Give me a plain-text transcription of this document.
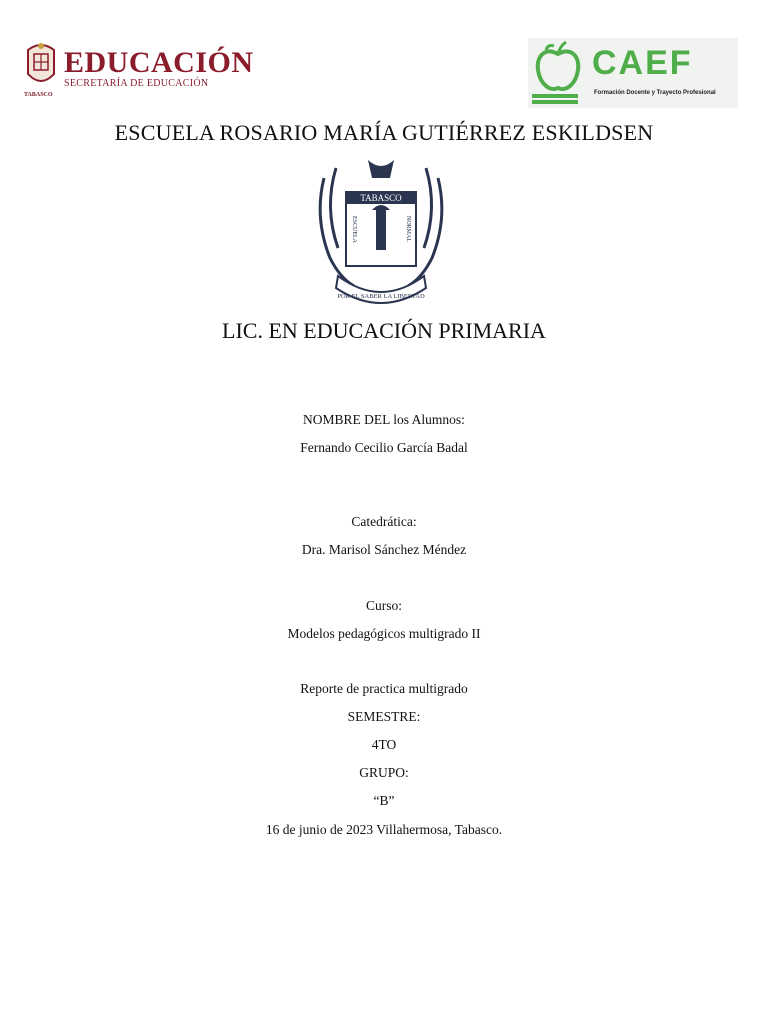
TABASCO
EDUCACIÓN
SECRETARÍA DE EDUCACIÓN
CAEF
Formación Docente y Trayecto Profesional
ESCUELA ROSARIO MARÍA GUTIÉRREZ ESKILDSEN
TABASCO
ESCUELA	NORMAL
POR EL SABER LA LIBERTAD
LIC. EN EDUCACIÓN PRIMARIA
NOMBRE DEL los Alumnos:
Fernando Cecilio García Badal
Catedrática:
Dra. Marisol Sánchez Méndez
Curso:
Modelos pedagógicos multigrado II
Reporte de practica multigrado
SEMESTRE:
4TO
GRUPO:
“B”
16 de junio de 2023 Villahermosa, Tabasco.
